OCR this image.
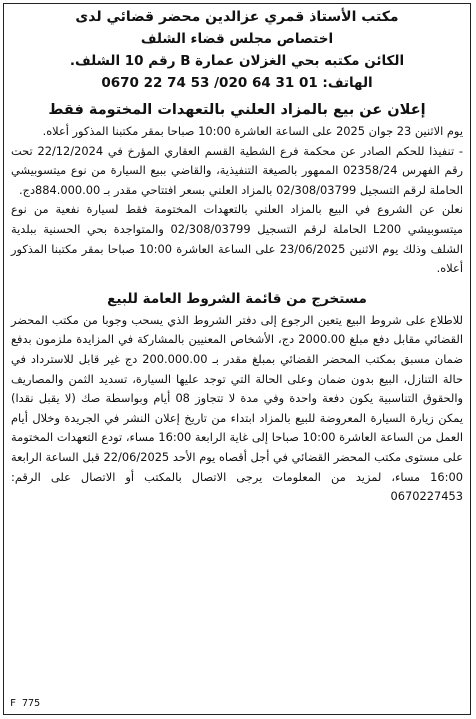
مكتب الأستاذ قمري عزالدين محضر قضائي لدى

اختصاص مجلس قضاء الشلف

الكائن مكتبه بحي الغزلان عمارة B رقم 10 الشلف.

الهاتف: 01 31 64 020/ 53 74 22 0670

إعلان عن بيع بالمزاد العلني بالتعهدات المختومة فقط

يوم الاثنين 23 جوان 2025 على الساعة العاشرة 10:00 صباحا بمقر مكتبنا المذكور أعلاه.

- تنفيذا للحكم الصادر عن محكمة فرع الشطية القسم العقاري المؤرخ في 22/12/2024 تحت رقم الفهرس 02358/24 الممهور بالصيغة التنفيذية، والقاضي ببيع السيارة من نوع ميتسوبيشي الحاملة لرقم التسجيل 02/308/03799 بالمزاد العلني بسعر افتتاحي مقدر بـ 884.000.00دج.

نعلن عن الشروع في البيع بالمزاد العلني بالتعهدات المختومة فقط لسيارة نفعية من نوع ميتسوبيشي L200 الحاملة لرقم التسجيل 02/308/03799 والمتواجدة بحي الحسنية ببلدية الشلف وذلك يوم الاثنين 23/06/2025 على الساعة العاشرة 10:00 صباحا بمقر مكتبنا المذكور أعلاه.

مستخرج من قائمة الشروط العامة للبيع

للاطلاع على شروط البيع يتعين الرجوع إلى دفتر الشروط الذي يسحب وجوبا من مكتب المحضر القضائي مقابل دفع مبلغ 2000.00 دج، الأشخاص المعنيين بالمشاركة في المزايدة ملزمون بدفع ضمان مسبق بمكتب المحضر القضائي بمبلغ مقدر بـ 200.000.00 دج غير قابل للاسترداد في حالة التنازل، البيع بدون ضمان وعلى الحالة التي توجد عليها السيارة، تسديد الثمن والمصاريف والحقوق التناسبية يكون دفعة واحدة وفي مدة لا تتجاوز 08 أيام وبواسطة صك (لا يقبل نقدا) يمكن زيارة السيارة المعروضة للبيع بالمزاد ابتداء من تاريخ إعلان النشر في الجريدة وخلال أيام العمل من الساعة العاشرة 10:00 صباحا إلى غاية الرابعة 16:00 مساء، تودع التعهدات المختومة على مستوى مكتب المحضر القضائي في أجل أقصاه يوم الأحد 22/06/2025 قبل الساعة الرابعة 16:00 مساء، لمزيد من المعلومات يرجى الاتصال بالمكتب أو الاتصال على الرقم: 0670227453

F 775
